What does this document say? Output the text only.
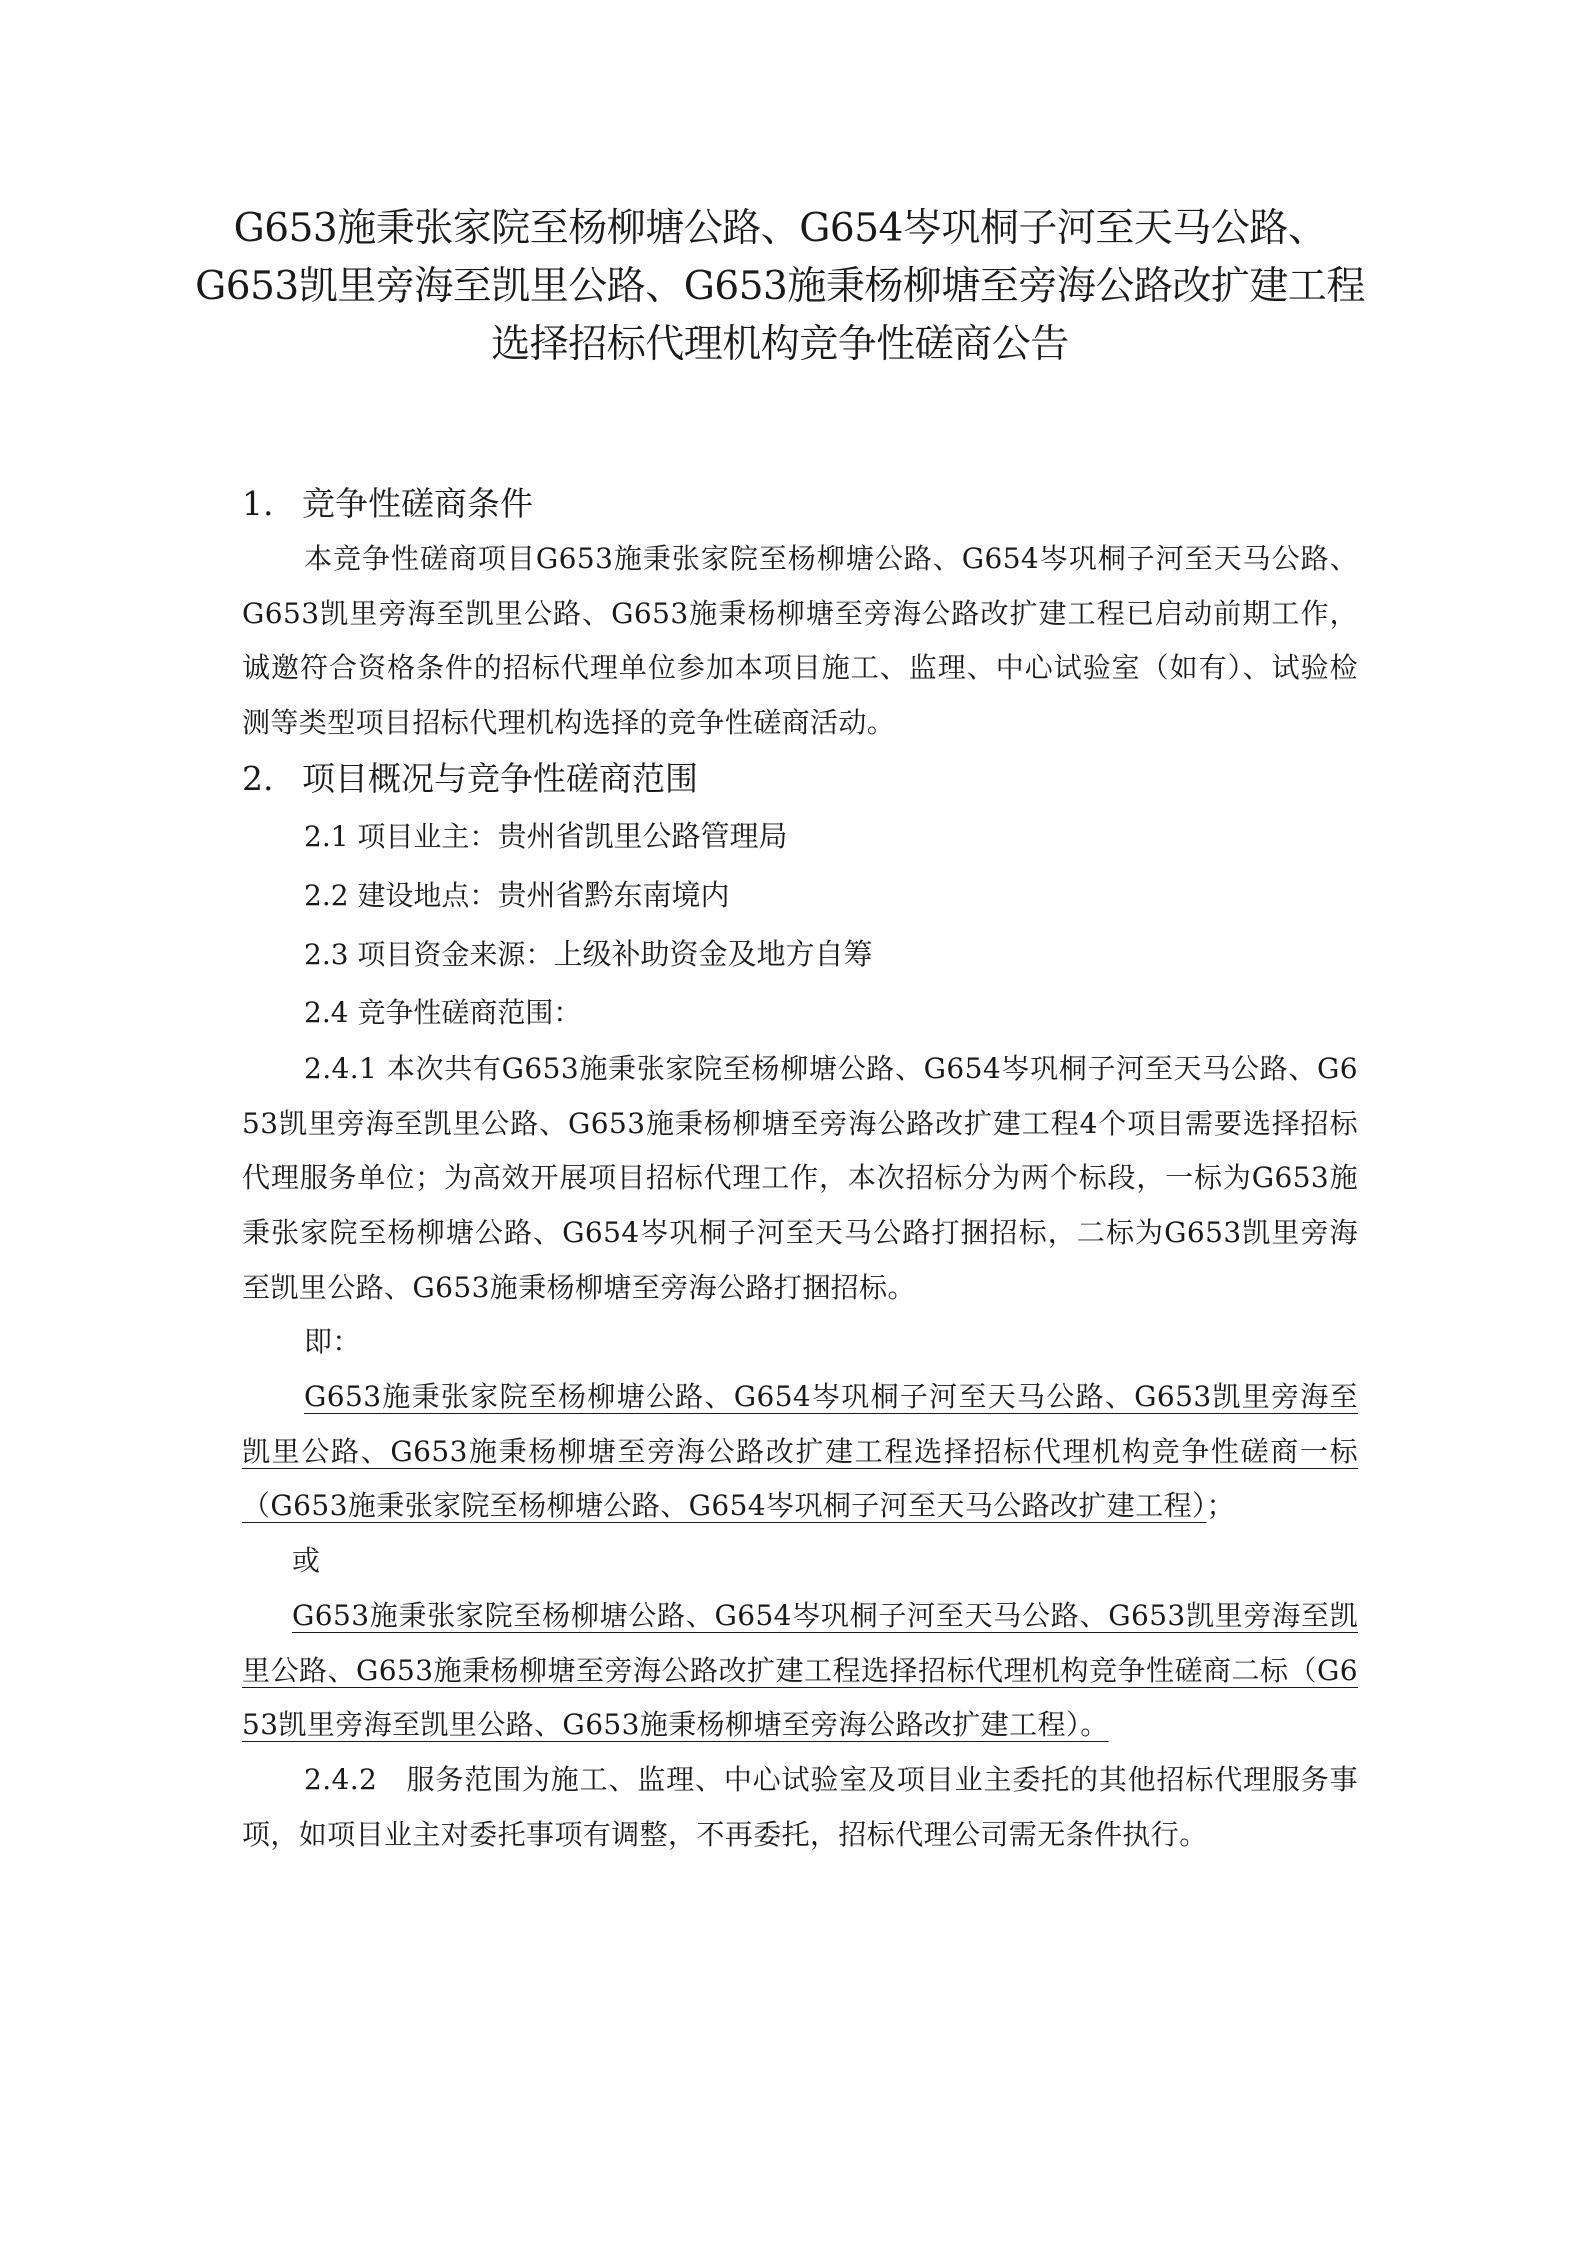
G653施秉张家院至杨柳塘公路、G654岑巩桐子河至天马公路、
G653凯里旁海至凯里公路、G653施秉杨柳塘至旁海公路改扩建工程
选择招标代理机构竞争性磋商公告
1. 竞争性磋商条件

本竞争性磋商项目G653施秉张家院至杨柳塘公路、G654岑巩桐子河至天马公路、G653凯里旁海至凯里公路、G653施秉杨柳塘至旁海公路改扩建工程已启动前期工作，诚邀符合资格条件的招标代理单位参加本项目施工、监理、中心试验室（如有）、试验检测等类型项目招标代理机构选择的竞争性磋商活动。

2. 项目概况与竞争性磋商范围
2.1 项目业主：贵州省凯里公路管理局
2.2 建设地点：贵州省黔东南境内
2.3 项目资金来源：上级补助资金及地方自筹
2.4 竞争性磋商范围：

2.4.1 本次共有G653施秉张家院至杨柳塘公路、G654岑巩桐子河至天马公路、G653凯里旁海至凯里公路、G653施秉杨柳塘至旁海公路改扩建工程4个项目需要选择招标代理服务单位；为高效开展项目招标代理工作，本次招标分为两个标段，一标为G653施秉张家院至杨柳塘公路、G654岑巩桐子河至天马公路打捆招标，二标为G653凯里旁海至凯里公路、G653施秉杨柳塘至旁海公路打捆招标。

即：

G653施秉张家院至杨柳塘公路、G654岑巩桐子河至天马公路、G653凯里旁海至凯里公路、G653施秉杨柳塘至旁海公路改扩建工程选择招标代理机构竞争性磋商一标（G653施秉张家院至杨柳塘公路、G654岑巩桐子河至天马公路改扩建工程）；

或

G653施秉张家院至杨柳塘公路、G654岑巩桐子河至天马公路、G653凯里旁海至凯里公路、G653施秉杨柳塘至旁海公路改扩建工程选择招标代理机构竞争性磋商二标（G653凯里旁海至凯里公路、G653施秉杨柳塘至旁海公路改扩建工程）。

2.4.2　服务范围为施工、监理、中心试验室及项目业主委托的其他招标代理服务事项，如项目业主对委托事项有调整，不再委托，招标代理公司需无条件执行。
